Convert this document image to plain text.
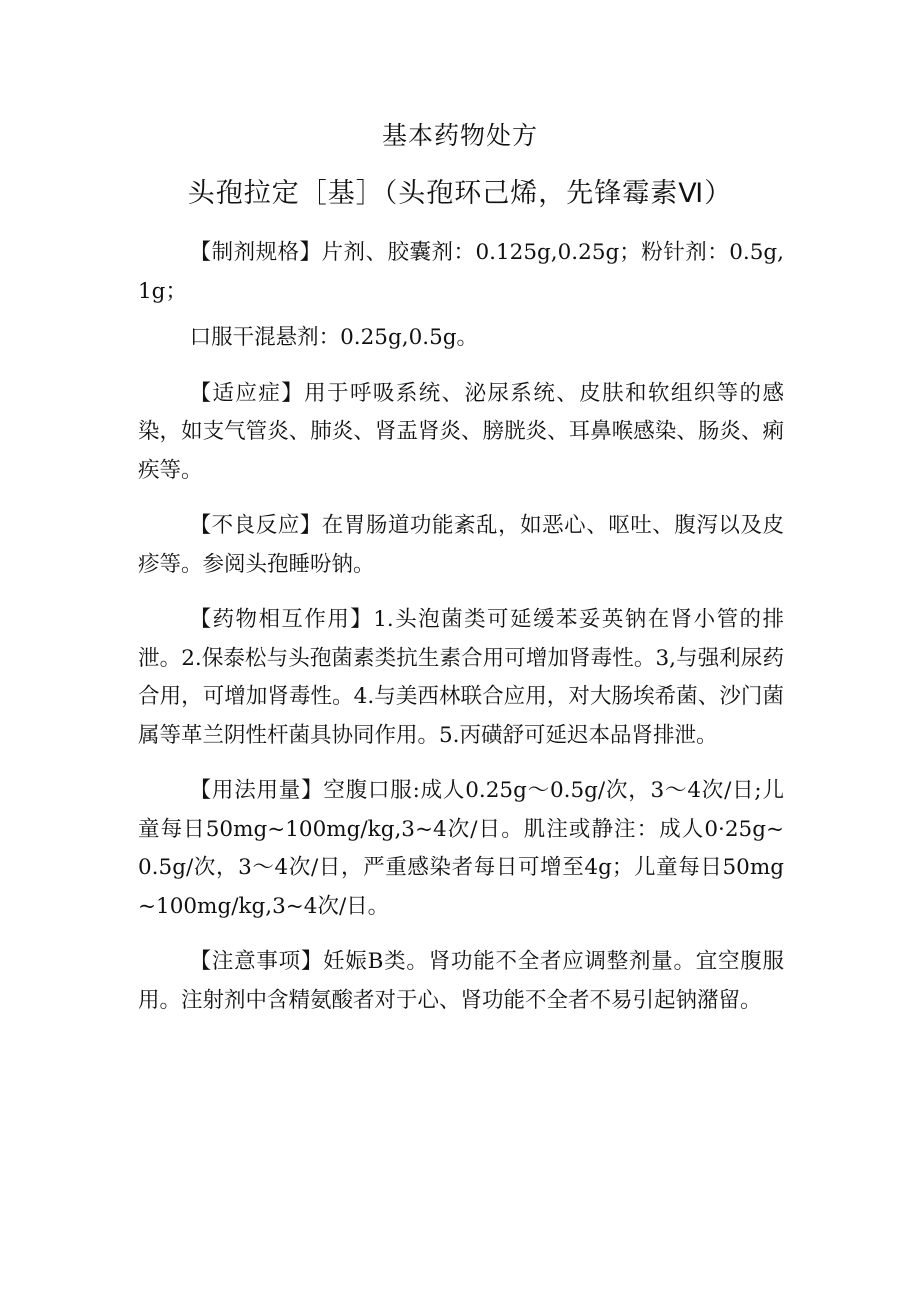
基本药物处方
头孢拉定［基］（头孢环己烯，先锋霉素Ⅵ）

【制剂规格】片剂、胶囊剂：0.125g,0.25g；粉针剂：0.5g,1g；

口服干混悬剂：0.25g,0.5g。

【适应症】用于呼吸系统、泌尿系统、皮肤和软组织等的感染，如支气管炎、肺炎、肾盂肾炎、膀胱炎、耳鼻喉感染、肠炎、痢疾等。

【不良反应】在胃肠道功能紊乱，如恶心、呕吐、腹泻以及皮疹等。参阅头孢睡吩钠。

【药物相互作用】1.头泡菌类可延缓苯妥英钠在肾小管的排泄。2.保泰松与头孢菌素类抗生素合用可增加肾毒性。3,与强利尿药合用，可增加肾毒性。4.与美西林联合应用，对大肠埃希菌、沙门菌属等革兰阴性杆菌具协同作用。5.丙磺舒可延迟本品肾排泄。

【用法用量】空腹口服:成人0.25g～0.5g/次，3～4次/日;儿童每日50mg~100mg/kg,3~4次/日。肌注或静注：成人0·25g~0.5g/次，3～4次/日，严重感染者每日可增至4g；儿童每日50mg~100mg/kg,3~4次/日。

【注意事项】妊娠B类。肾功能不全者应调整剂量。宜空腹服用。注射剂中含精氨酸者对于心、肾功能不全者不易引起钠潴留。
